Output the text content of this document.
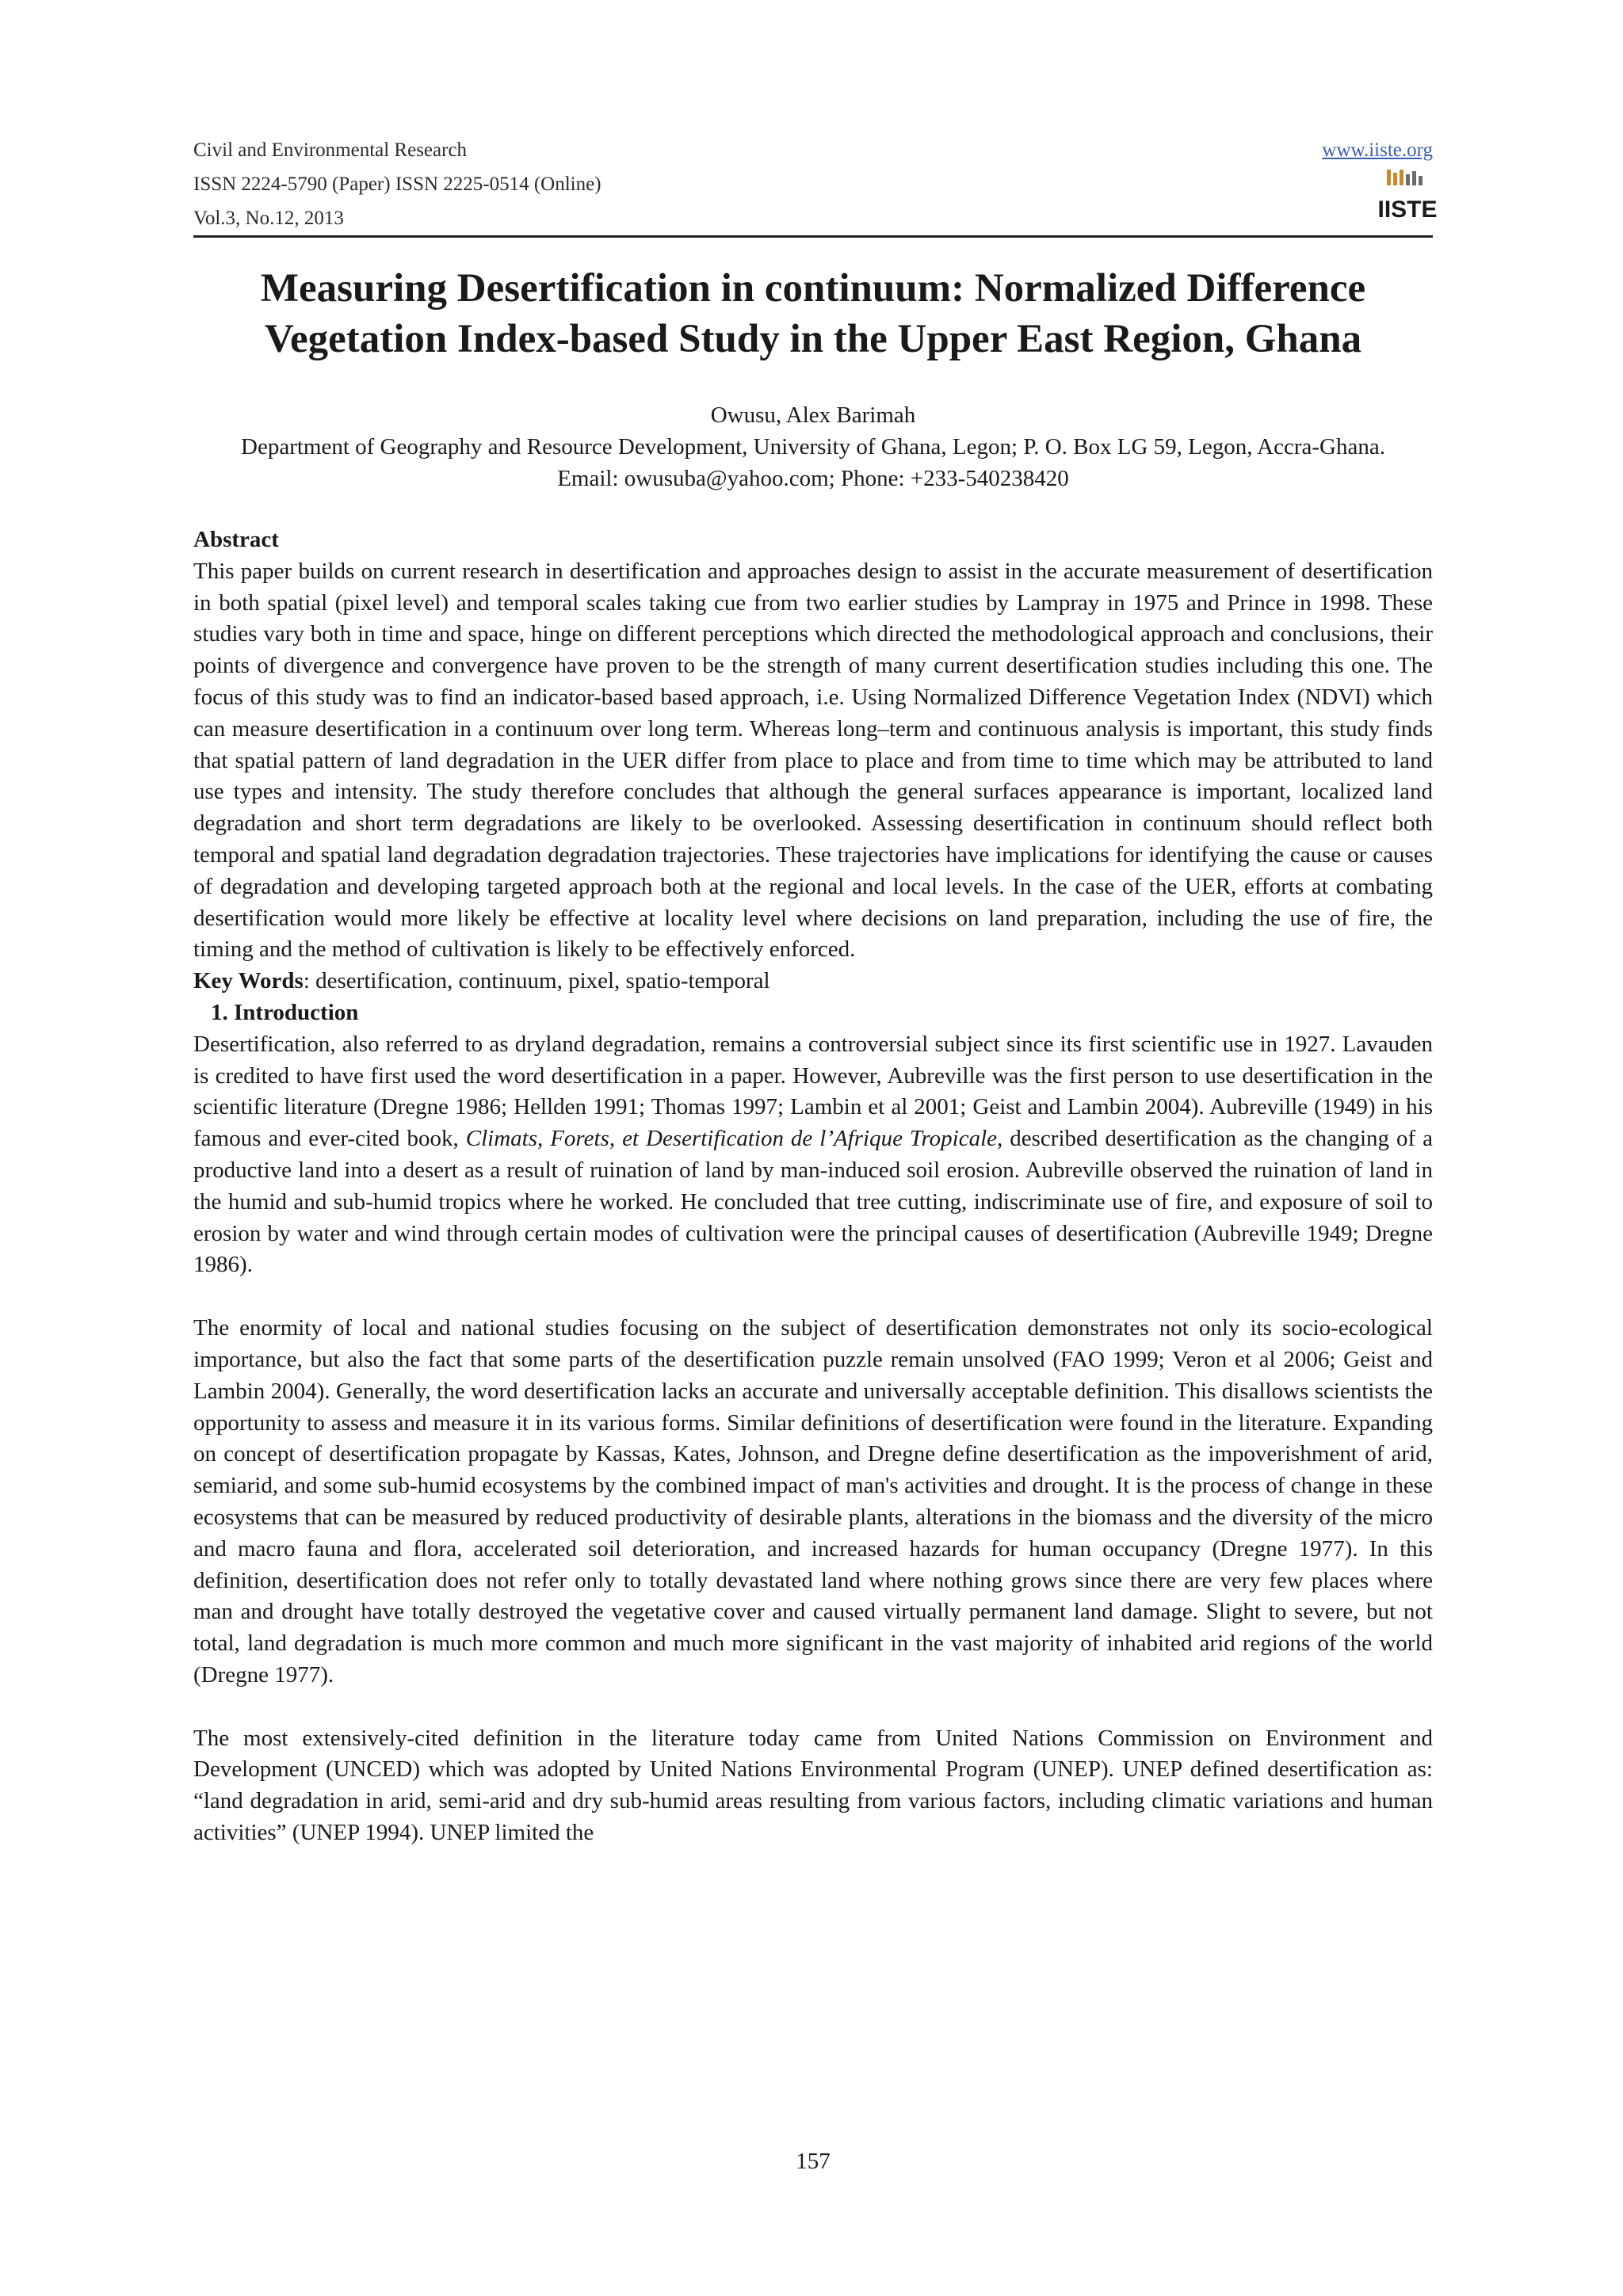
Civil and Environmental Research
ISSN 2224-5790 (Paper) ISSN 2225-0514 (Online)
Vol.3, No.12, 2013
www.iiste.org
IISTE
Measuring Desertification in continuum: Normalized Difference Vegetation Index-based Study in the Upper East Region, Ghana
Owusu, Alex Barimah
Department of Geography and Resource Development, University of Ghana, Legon; P. O. Box LG 59, Legon, Accra-Ghana.
Email: owusuba@yahoo.com; Phone: +233-540238420

Abstract

This paper builds on current research in desertification and approaches design to assist in the accurate measurement of desertification in both spatial (pixel level) and temporal scales taking cue from two earlier studies by Lampray in 1975 and Prince in 1998. These studies vary both in time and space, hinge on different perceptions which directed the methodological approach and conclusions, their points of divergence and convergence have proven to be the strength of many current desertification studies including this one. The focus of this study was to find an indicator-based based approach, i.e. Using Normalized Difference Vegetation Index (NDVI) which can measure desertification in a continuum over long term. Whereas long–term and continuous analysis is important, this study finds that spatial pattern of land degradation in the UER differ from place to place and from time to time which may be attributed to land use types and intensity. The study therefore concludes that although the general surfaces appearance is important, localized land degradation and short term degradations are likely to be overlooked. Assessing desertification in continuum should reflect both temporal and spatial land degradation degradation trajectories. These trajectories have implications for identifying the cause or causes of degradation and developing targeted approach both at the regional and local levels. In the case of the UER, efforts at combating desertification would more likely be effective at locality level where decisions on land preparation, including the use of fire, the timing and the method of cultivation is likely to be effectively enforced.

Key Words: desertification, continuum, pixel, spatio-temporal

1. Introduction

Desertification, also referred to as dryland degradation, remains a controversial subject since its first scientific use in 1927. Lavauden is credited to have first used the word desertification in a paper. However, Aubreville was the first person to use desertification in the scientific literature (Dregne 1986; Hellden 1991; Thomas 1997; Lambin et al 2001; Geist and Lambin 2004). Aubreville (1949) in his famous and ever-cited book, Climats, Forets, et Desertification de l’Afrique Tropicale, described desertification as the changing of a productive land into a desert as a result of ruination of land by man-induced soil erosion. Aubreville observed the ruination of land in the humid and sub-humid tropics where he worked. He concluded that tree cutting, indiscriminate use of fire, and exposure of soil to erosion by water and wind through certain modes of cultivation were the principal causes of desertification (Aubreville 1949; Dregne 1986).

The enormity of local and national studies focusing on the subject of desertification demonstrates not only its socio-ecological importance, but also the fact that some parts of the desertification puzzle remain unsolved (FAO 1999; Veron et al 2006; Geist and Lambin 2004). Generally, the word desertification lacks an accurate and universally acceptable definition. This disallows scientists the opportunity to assess and measure it in its various forms. Similar definitions of desertification were found in the literature. Expanding on concept of desertification propagate by Kassas, Kates, Johnson, and Dregne define desertification as the impoverishment of arid, semiarid, and some sub-humid ecosystems by the combined impact of man's activities and drought. It is the process of change in these ecosystems that can be measured by reduced productivity of desirable plants, alterations in the biomass and the diversity of the micro and macro fauna and flora, accelerated soil deterioration, and increased hazards for human occupancy (Dregne 1977). In this definition, desertification does not refer only to totally devastated land where nothing grows since there are very few places where man and drought have totally destroyed the vegetative cover and caused virtually permanent land damage. Slight to severe, but not total, land degradation is much more common and much more significant in the vast majority of inhabited arid regions of the world (Dregne 1977).

The most extensively-cited definition in the literature today came from United Nations Commission on Environment and Development (UNCED) which was adopted by United Nations Environmental Program (UNEP). UNEP defined desertification as: “land degradation in arid, semi-arid and dry sub-humid areas resulting from various factors, including climatic variations and human activities” (UNEP 1994). UNEP limited the

157
